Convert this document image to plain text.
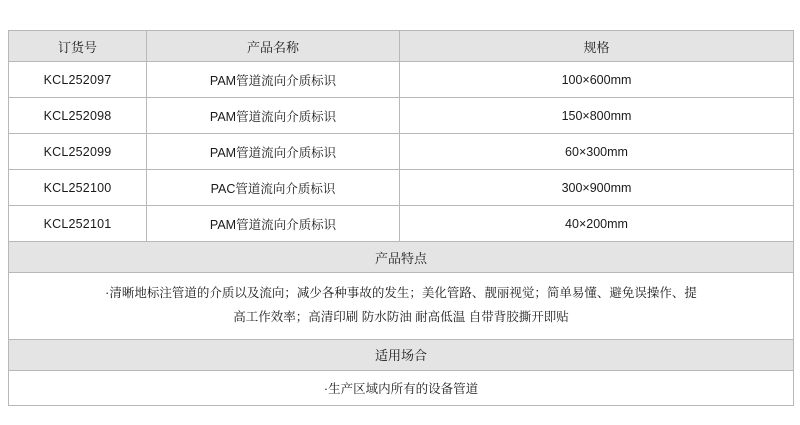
订货号	产品名称	规格
KCL252097	PAM管道流向介质标识	100×600mm
KCL252098	PAM管道流向介质标识	150×800mm
KCL252099	PAM管道流向介质标识	60×300mm
KCL252100	PAC管道流向介质标识	300×900mm
KCL252101	PAM管道流向介质标识	40×200mm
产品特点		

·清晰地标注管道的介质以及流向；减少各种事故的发生；美化管路、靓丽视觉；简单易懂、避免误操作、提
高工作效率；高清印刷 防水防油 耐高低温 自带背胶撕开即贴		

适用场合		
·生产区域内所有的设备管道		
